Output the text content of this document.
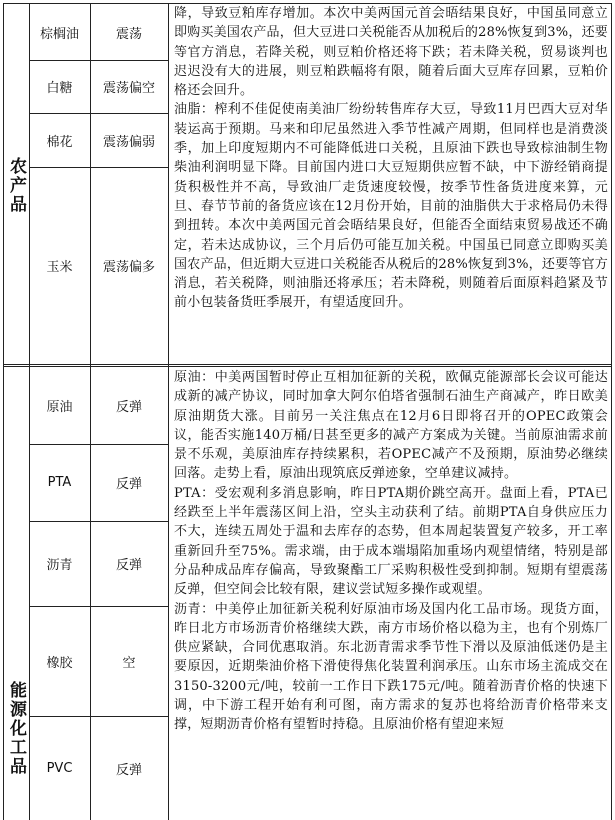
农产品
棕榈油	震荡
白糖 震荡偏空
棉花 震荡偏弱
玉米 震荡偏多

降，导致豆粕库存增加。本次中美两国元首会晤结果良好，中国虽同意立即购买美国农产品，但大豆进口关税能否从加税后的28%恢复到3%，还要等官方消息，若降关税，则豆粕价格还将下跌；若未降关税，贸易谈判也迟迟没有大的进展，则豆粕跌幅将有限，随着后面大豆库存回累，豆粕价格还会回升。

油脂：榨利不佳促使南美油厂纷纷转售库存大豆，导致11月巴西大豆对华装运高于预期。马来和印尼虽然进入季节性减产周期，但同样也是消费淡季，加上印度短期内不可能降低进口关税，且原油下跌也导致棕油制生物柴油利润明显下降。目前国内进口大豆短期供应暂不缺，中下游经销商提货积极性并不高，导致油厂走货速度较慢，按季节性备货进度来算，元旦、春节节前的备货应该在12月份开始，目前的油脂供大于求格局仍未得到扭转。本次中美两国元首会晤结果良好，但能否全面结束贸易战还不确定，若未达成协议，三个月后仍可能互加关税。中国虽已同意立即购买美国农产品，但近期大豆进口关税能否从税后的28%恢复到3%，还要等官方消息，若关税降，则油脂还将承压；若未降税，则随着后面原料趋紧及节前小包装备货旺季展开，有望适度回升。

能源化工品
原油	反弹
PTA	反弹
沥青	反弹
橡胶	空
PVC	反弹

原油：中美两国暂时停止互相加征新的关税，欧佩克能源部长会议可能达成新的减产协议，同时加拿大阿尔伯塔省强制石油生产商减产，昨日欧美原油期货大涨。目前另一关注焦点在12月6日即将召开的OPEC政策会议，能否实施140万桶/日甚至更多的减产方案成为关键。当前原油需求前景不乐观，美原油库存持续累积，若OPEC减产不及预期，原油势必继续回落。走势上看，原油出现筑底反弹迹象，空单建议减持。

PTA：受宏观利多消息影响，昨日PTA期价跳空高开。盘面上看，PTA已经跌至上半年震荡区间上沿，空头主动获利了结。前期PTA自身供应压力不大，连续五周处于温和去库存的态势，但本周起装置复产较多，开工率重新回升至75%。需求端，由于成本端塌陷加重场内观望情绪，特别是部分品种成品库存偏高，导致聚酯工厂采购积极性受到抑制。短期有望震荡反弹，但空间会比较有限，建议尝试短多操作或观望。

沥青：中美停止加征新关税利好原油市场及国内化工品市场。现货方面，昨日北方市场沥青价格继续大跌，南方市场价格以稳为主，也有个别炼厂供应紧缺，合同优惠取消。东北沥青需求季节性下滑以及原油低迷仍是主要原因，近期柴油价格下滑使得焦化装置利润承压。山东市场主流成交在3150-3200元/吨，较前一工作日下跌175元/吨。随着沥青价格的快速下调，中下游工程开始有利可图，南方需求的复苏也将给沥青价格带来支撑，短期沥青价格有望暂时持稳。且原油价格有望迎来短
